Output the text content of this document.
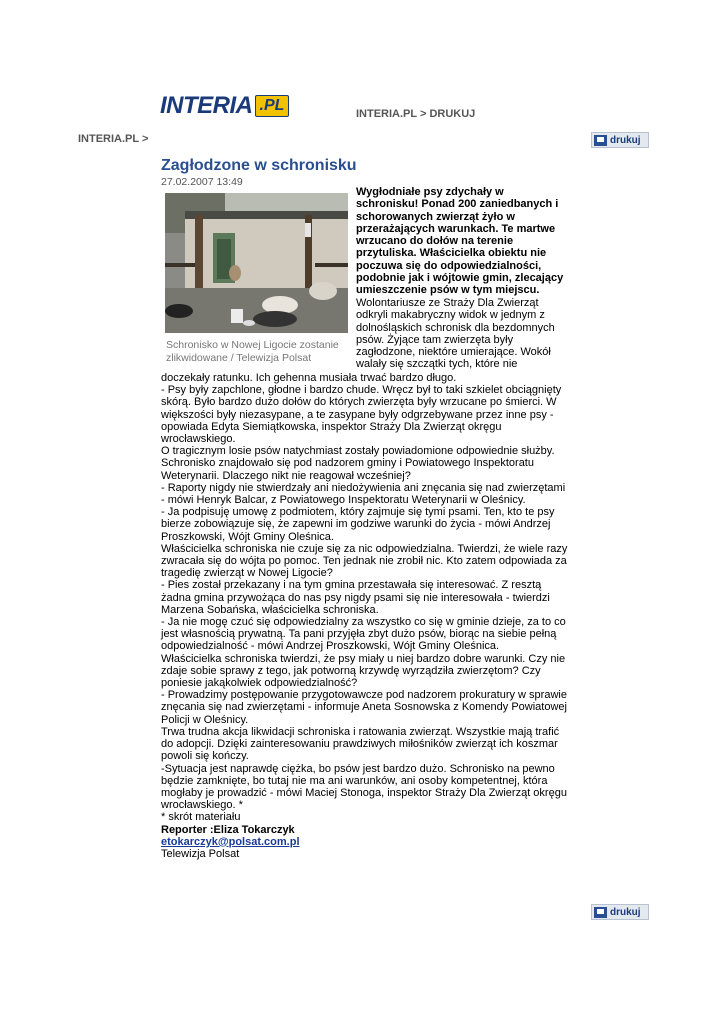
INTERIA .PL	INTERIA.PL > DRUKUJ
INTERIA.PL >	drukuj
Zagłodzone w schronisku
27.02.2007 13:49
Schronisko w Nowej Ligocie zostanie zlikwidowane / Telewizja Polsat
Wygłodniałe psy zdychały w schronisku! Ponad 200 zaniedbanych i schorowanych zwierząt żyło w przerażających warunkach. Te martwe wrzucano do dołów na terenie przytuliska. Właścicielka obiektu nie poczuwa się do odpowiedzialności, podobnie jak i wójtowie gmin, zlecający umieszczenie psów w tym miejscu.
Wolontariusze ze Straży Dla Zwierząt odkryli makabryczny widok w jednym z dolnośląskich schronisk dla bezdomnych psów. Żyjące tam zwierzęta były zagłodzone, niektóre umierające. Wokół walały się szczątki tych, które nie

doczekały ratunku. Ich gehenna musiała trwać bardzo długo.

- Psy były zapchlone, głodne i bardzo chude. Wręcz był to taki szkielet obciągnięty skórą. Było bardzo dużo dołów do których zwierzęta były wrzucane po śmierci. W większości były niezasypane, a te zasypane były odgrzebywane przez inne psy - opowiada Edyta Siemiątkowska, inspektor Straży Dla Zwierząt okręgu wrocławskiego.

O tragicznym losie psów natychmiast zostały powiadomione odpowiednie służby. Schronisko znajdowało się pod nadzorem gminy i Powiatowego Inspektoratu Weterynarii. Dlaczego nikt nie reagował wcześniej?

- Raporty nigdy nie stwierdzały ani niedożywienia ani znęcania się nad zwierzętami - mówi Henryk Balcar, z Powiatowego Inspektoratu Weterynarii w Oleśnicy.

- Ja podpisuję umowę z podmiotem, który zajmuje się tymi psami. Ten, kto te psy bierze zobowiązuje się, że zapewni im godziwe warunki do życia - mówi Andrzej Proszkowski, Wójt Gminy Oleśnica.

Właścicielka schroniska nie czuje się za nic odpowiedzialna. Twierdzi, że wiele razy zwracała się do wójta po pomoc. Ten jednak nie zrobił nic. Kto zatem odpowiada za tragedię zwierząt w Nowej Ligocie?

- Pies został przekazany i na tym gmina przestawała się interesować. Z resztą żadna gmina przywożąca do nas psy nigdy psami się nie interesowała - twierdzi Marzena Sobańska, właścicielka schroniska.

- Ja nie mogę czuć się odpowiedzialny za wszystko co się w gminie dzieje, za to co jest własnością prywatną. Ta pani przyjęła zbyt dużo psów, biorąc na siebie pełną odpowiedzialność - mówi Andrzej Proszkowski, Wójt Gminy Oleśnica.

Właścicielka schroniska twierdzi, że psy miały u niej bardzo dobre warunki. Czy nie zdaje sobie sprawy z tego, jak potworną krzywdę wyrządziła zwierzętom? Czy poniesie jakąkolwiek odpowiedzialność?

- Prowadzimy postępowanie przygotowawcze pod nadzorem prokuratury w sprawie znęcania się nad zwierzętami - informuje Aneta Sosnowska z Komendy Powiatowej Policji w Oleśnicy.

Trwa trudna akcja likwidacji schroniska i ratowania zwierząt. Wszystkie mają trafić do adopcji. Dzięki zainteresowaniu prawdziwych miłośników zwierząt ich koszmar powoli się kończy.

-Sytuacja jest naprawdę ciężka, bo psów jest bardzo dużo. Schronisko na pewno będzie zamknięte, bo tutaj nie ma ani warunków, ani osoby kompetentnej, która mogłaby je prowadzić - mówi Maciej Stonoga, inspektor Straży Dla Zwierząt okręgu wrocławskiego. *

* skrót materiału

Reporter :Eliza Tokarczyk

etokarczyk@polsat.com.pl

Telewizja Polsat

drukuj
